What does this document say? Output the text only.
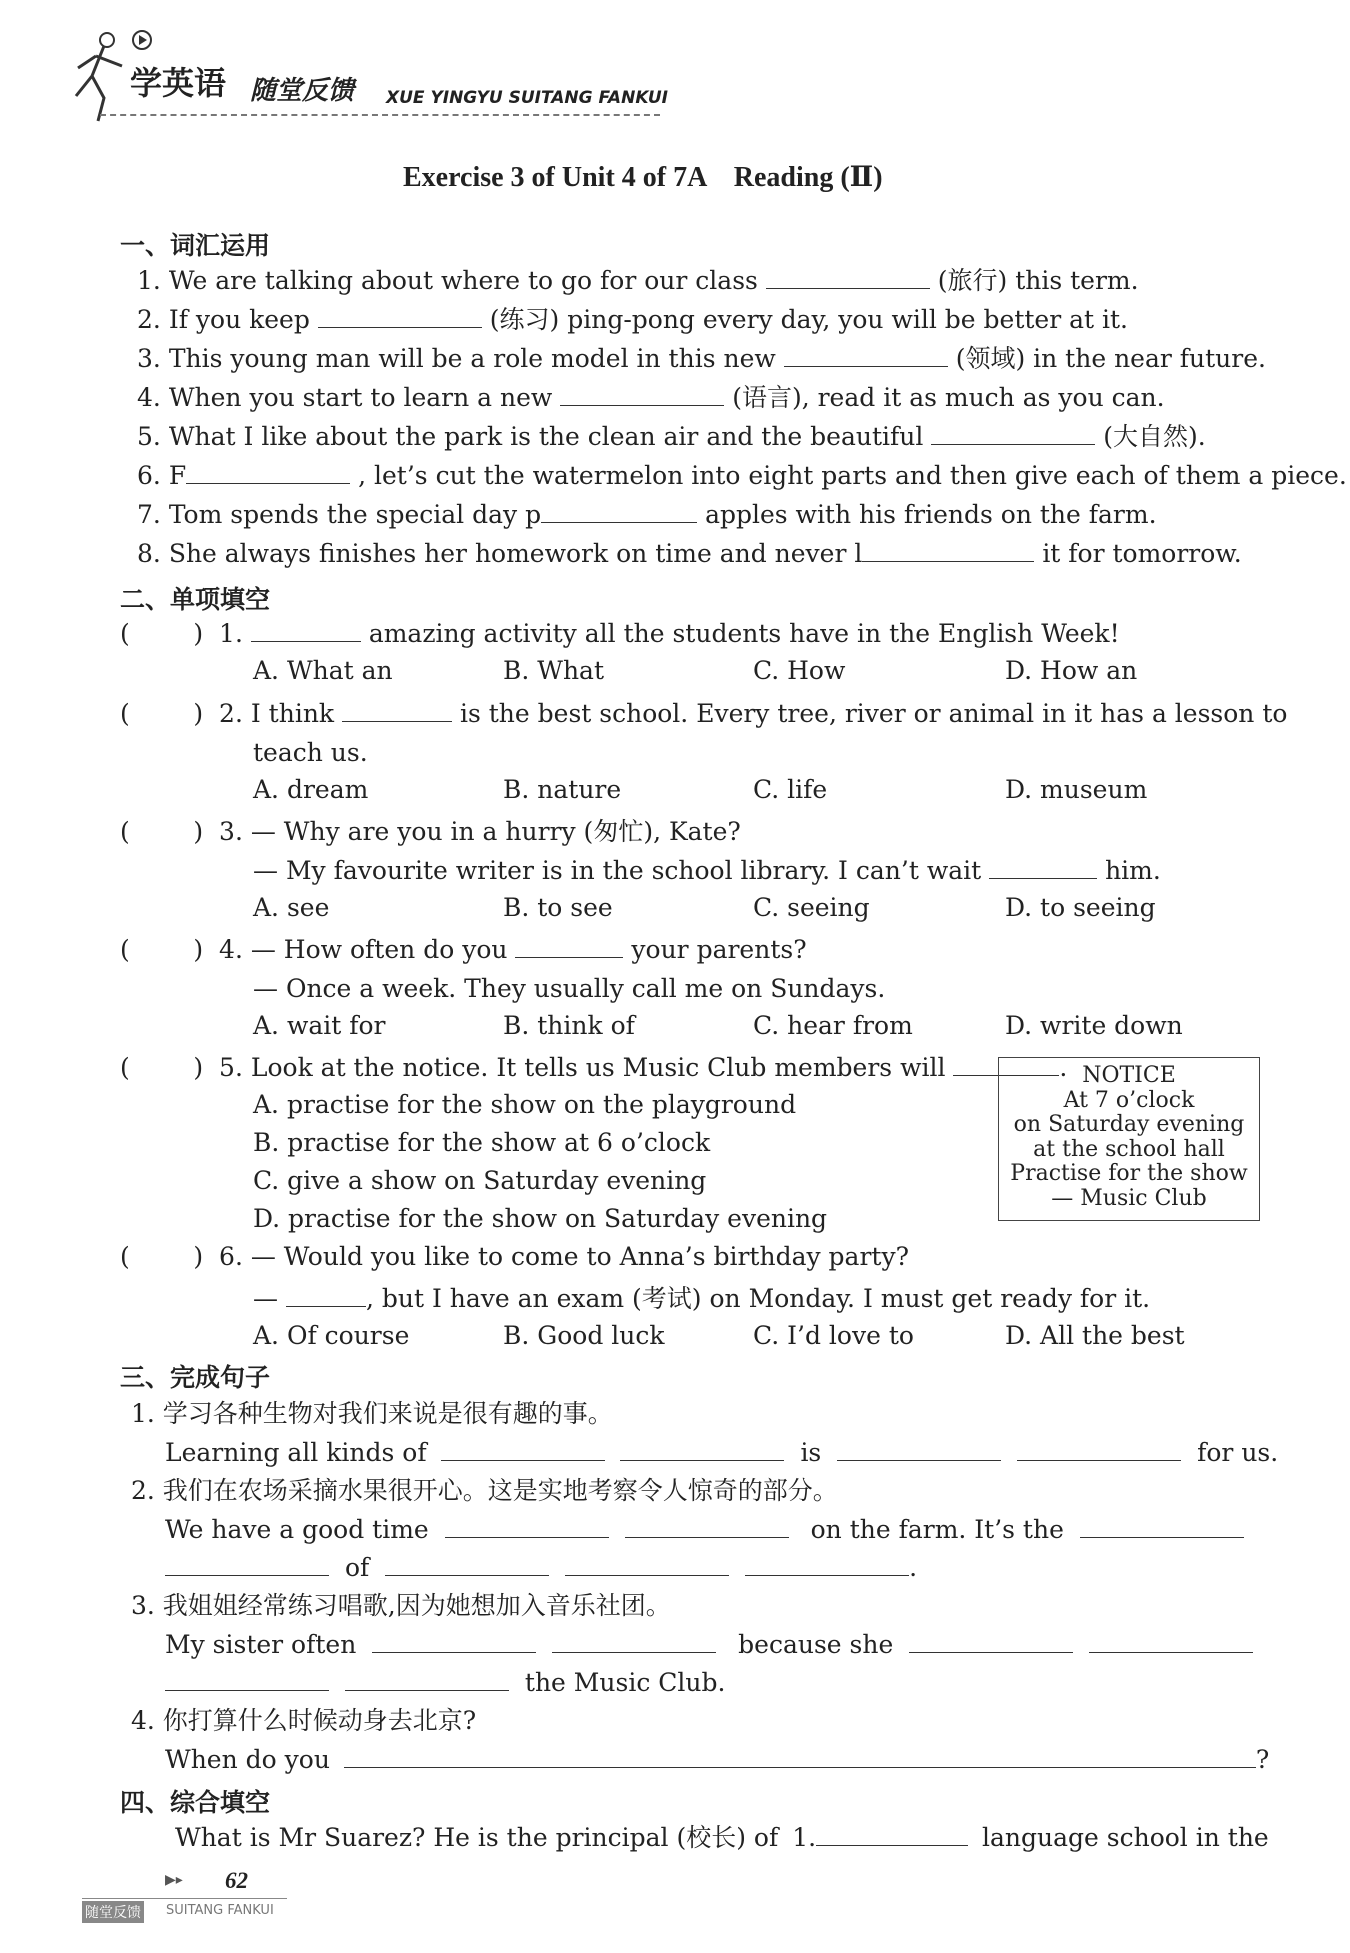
学英语 随堂反馈 XUE YINGYU SUITANG FANKUI
Exercise 3 of Unit 4 of 7A    Reading (Ⅱ)
一、词汇运用
1. We are talking about where to go for our class	(旅行) this term.
2. If you keep	(练习) ping-pong every day, you will be better at it.
3. This young man will be a role model in this new	(领域) in the near future.
4. When you start to learn a new	(语言), read it as much as you can.
5. What I like about the park is the clean air and the beautiful	(大自然).
6. F	, let’s cut the watermelon into eight parts and then give each of them a piece.
7. Tom spends the special day p	apples with his friends on the farm.
8. She always finishes her homework on time and never l	it for tomorrow.
二、单项填空
(        ) 1.	amazing activity all the students have in the English Week!
A. What an	B. What	C. How	D. How an
(        ) 2. I think	is the best school. Every tree, river or animal in it has a lesson to
teach us.
A. dream	B. nature	C. life	D. museum
(        ) 3. — Why are you in a hurry (匆忙), Kate?
— My favourite writer is in the school library. I can’t wait	him.
A. see	B. to see	C. seeing	D. to seeing
(        ) 4. — How often do you	your parents?
— Once a week. They usually call me on Sundays.
A. wait for	B. think of	C. hear from	D. write down
(        ) 5. Look at the notice. It tells us Music Club members will	.
A. practise for the show on the playground
B. practise for the show at 6 o’clock
C. give a show on Saturday evening
D. practise for the show on Saturday evening
NOTICE
At 7 o’clock
on Saturday evening
at the school hall
Practise for the show
— Music Club
(        ) 6. — Would you like to come to Anna’s birthday party?
—	, but I have an exam (考试) on Monday. I must get ready for it.
A. Of course	B. Good luck	C. I’d love to	D. All the best
三、完成句子
1. 学习各种生物对我们来说是很有趣的事。
Learning all kinds of	is	for us.
2. 我们在农场采摘水果很开心。这是实地考察令人惊奇的部分。
We have a good time	on the farm. It’s the
of	.
3. 我姐姐经常练习唱歌,因为她想加入音乐社团。
My sister often	because she
the Music Club.
4. 你打算什么时候动身去北京?
When do you	?
四、综合填空
What is Mr Suarez? He is the principal (校长) of 1.	language school in the
▶▸ 62
随堂反馈 SUITANG FANKUI
